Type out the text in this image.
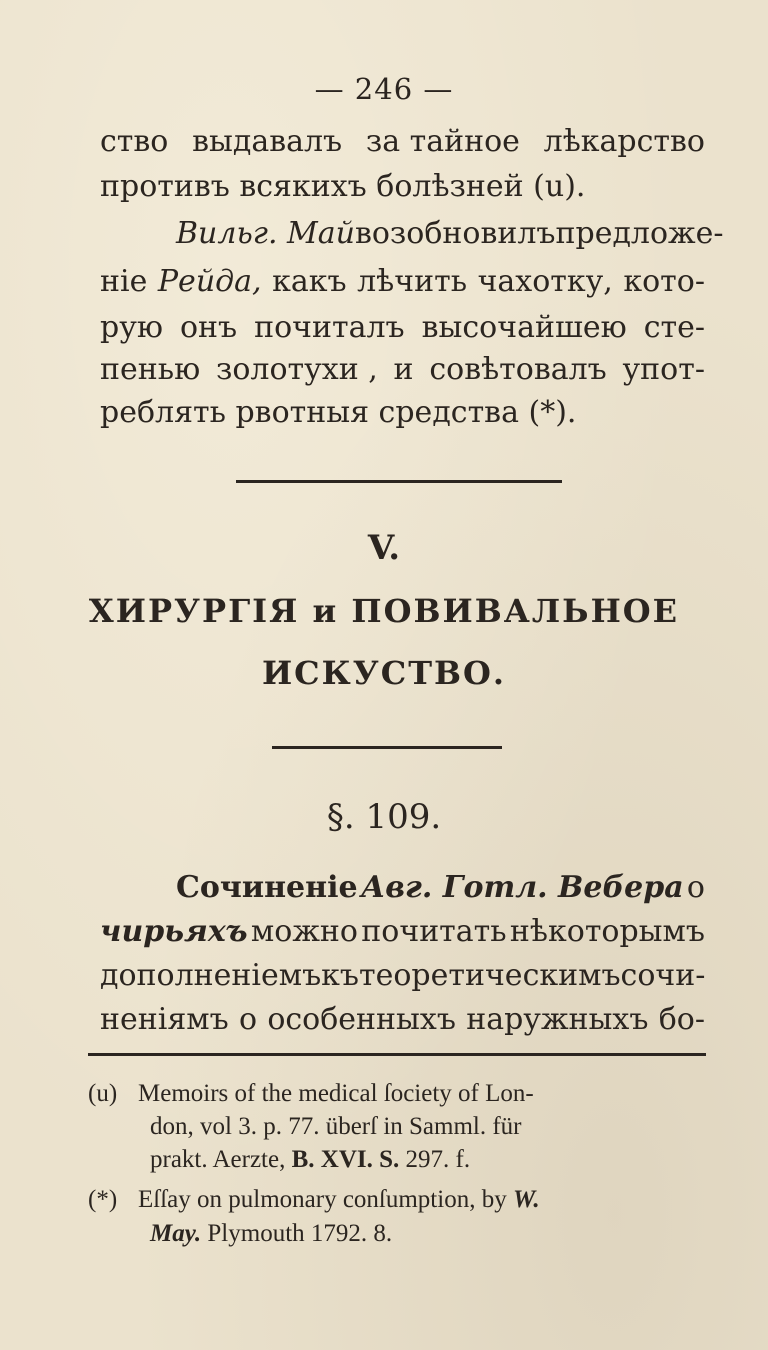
— 246 —
ство выдавалъ за тайное лѣкарство
противъ всякихъ болѣзней (u).
Вильг. Май возобновилъ предложе-
ніе Рейда, какъ лѣчить чахотку, кото-
рую онъ почиталъ высочайшею сте-
пенью золотухи , и совѣтовалъ упот-
реблять рвотныя средства (*).
V.
ХИРУРГІЯ и ПОВИВАЛЬНОЕ
ИСКУСТВО.
§. 109.
Сочиненіе Авг. Готл. Вебера о
чирьяхъ можно почитать нѣкоторымъ
дополненіемъ къ теоретическимъ сочи-
неніямъ о особенныхъ наружныхъ бо-
(u) Memoirs of the medical ſociety of Lon-
don, vol 3. p. 77. überſ in Samml. für
prakt. Aerzte, B. XVI. S. 297. f.
(*) Eſſay on pulmonary conſumption, by W.
May. Plymouth 1792. 8.
